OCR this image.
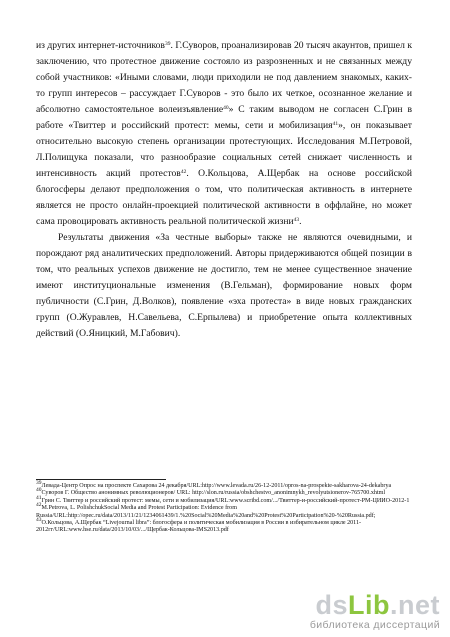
из других интернет-источников$^{39}$. Г.Суворов, проанализировав 20 тысяч акаунтов, пришел к заключению, что протестное движение состояло из разрозненных и не связанных между собой участников: «Иными словами, люди приходили не под давлением знакомых, каких-то групп интересов – рассуждает Г.Суворов - это было их четкое, осознанное желание и абсолютно самостоятельное волеизъявление$^{40}$» С таким выводом не согласен С.Грин в работе «Твиттер и российский протест: мемы, сети и мобилизация$^{41}$», он показывает относительно высокую степень организации протестующих. Исследования М.Петровой, Л.Полищука показали, что разнообразие социальных сетей снижает численность и интенсивность акций протестов$^{42}$. О.Кольцова, А.Щербак на основе российской блогосферы делают предположения о том, что политическая активность в интернете является не просто онлайн-проекцией политической активности в оффлайне, но может сама провоцировать активность реальной политической жизни$^{43}$.

Результаты движения «За честные выборы» также не являются очевидными, и порождают ряд аналитических предположений. Авторы придерживаются общей позиции в том, что реальных успехов движение не достигло, тем не менее существенное значение имеют институциональные изменения (В.Гельман), формирование новых форм публичности (С.Грин, Д.Волков), появление «эха протеста» в виде новых гражданских групп (О.Журавлев, Н.Савельева, С.Ерпылева) и приобретение опыта коллективных действий (О.Яницкий, М.Габович).

$^{39}$Левада-Центр Опрос на проспекте Сахарова 24 декабря/URL:http://www.levada.ru/26-12-2011/opros-na-prospekte-sakharova-24-dekabrya
$^{40}$Суворов Г. Общество анонимных революционеров/ URL: http://slon.ru/russia/obshchestvo_anonimnykh_revolyutsionerov-765700.xhtml
$^{41}$Грин С. Твиттер и российский протест: мемы, сети и мобилизация/URL:www.scribd.com/.../Твиттер-и-российский-протест-РМ-ЦИИО-2012-1
$^{42}$M.Petrova, L. PolishchukSocial Media and Protest Participation: Evidence from Russia/URL:http://opec.ru/data/2013/11/21/1234061439/1.%20Social%20Media%20and%20Protest%20Participation%20-%20Russia.pdf;
$^{43}$О.Кольцова, А.Щербак “Livejournal libra”: блогосфера и политическая мобилизация в России в избирательном цикле 2011-2012гг/URL:www.hse.ru/data/2013/10/03/.../Щербак-Кольцова-IMS2013.pdf
dsLib.net
библиотека диссертаций
